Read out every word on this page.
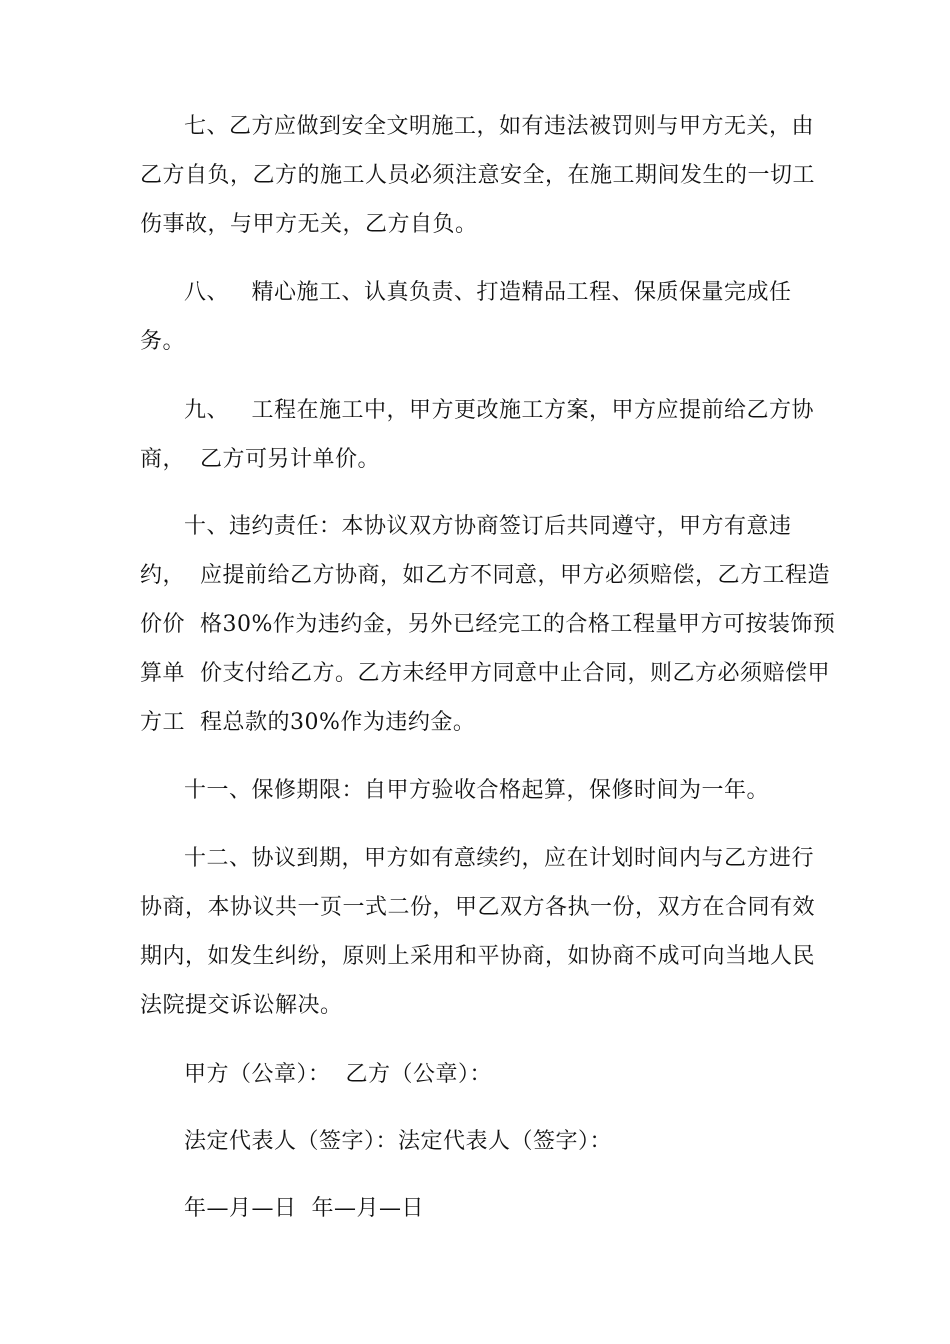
七、乙方应做到安全文明施工，如有违法被罚则与甲方无关，由
乙方自负，乙方的施工人员必须注意安全，在施工期间发生的一切工
伤事故，与甲方无关，乙方自负。
八、   精心施工、认真负责、打造精品工程、保质保量完成任
务。
九、   工程在施工中，甲方更改施工方案，甲方应提前给乙方协
商，  乙方可另计单价。
十、违约责任：本协议双方协商签订后共同遵守，甲方有意违
约，  应提前给乙方协商，如乙方不同意，甲方必须赔偿，乙方工程造
价价  格30%作为违约金，另外已经完工的合格工程量甲方可按装饰预
算单  价支付给乙方。乙方未经甲方同意中止合同，则乙方必须赔偿甲
方工  程总款的30%作为违约金。
十一、保修期限：自甲方验收合格起算，保修时间为一年。
十二、协议到期，甲方如有意续约，应在计划时间内与乙方进行
协商，本协议共一页一式二份，甲乙双方各执一份，双方在合同有效
期内，如发生纠纷，原则上采用和平协商，如协商不成可向当地人民
法院提交诉讼解决。
甲方（公章）：  乙方（公章）：
法定代表人（签字）：法定代表人（签字）：
年—月—日  年—月—日
